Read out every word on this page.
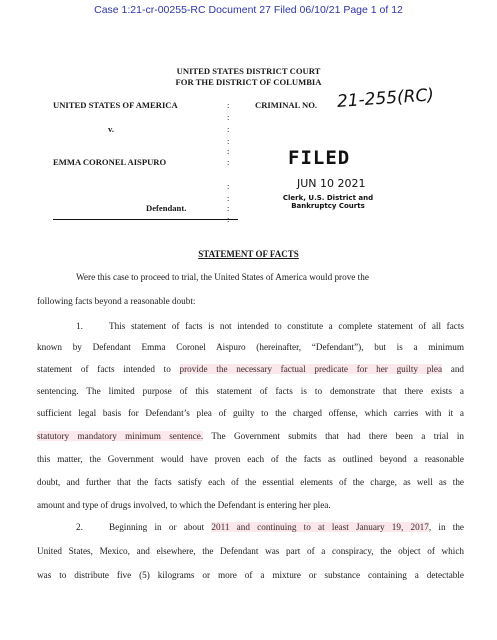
Case 1:21-cr-00255-RC Document 27 Filed 06/10/21 Page 1 of 12
UNITED STATES DISTRICT COURT
FOR THE DISTRICT OF COLUMBIA
UNITED STATES OF AMERICA
v.
EMMA CORONEL AISPURO
Defendant.
:
:
:
:
:
:
:
:
:
:
CRIMINAL NO. 21-255(RC)
FILED
JUN 10 2021
Clerk, U.S. District and
Bankruptcy Courts
STATEMENT OF FACTS
Were this case to proceed to trial, the United States of America would prove the
following facts beyond a reasonable doubt:
1.	This statement of facts is not intended to constitute a complete statement of all facts
known by Defendant Emma Coronel Aispuro (hereinafter, “Defendant”), but is a minimum
statement of facts intended to provide the necessary factual predicate for her guilty plea and
sentencing. The limited purpose of this statement of facts is to demonstrate that there exists a
sufficient legal basis for Defendant’s plea of guilty to the charged offense, which carries with it a
statutory mandatory minimum sentence. The Government submits that had there been a trial in
this matter, the Government would have proven each of the facts as outlined beyond a reasonable
doubt, and further that the facts satisfy each of the essential elements of the charge, as well as the
amount and type of drugs involved, to which the Defendant is entering her plea.
2.	Beginning in or about 2011 and continuing to at least January 19, 2017, in the
United States, Mexico, and elsewhere, the Defendant was part of a conspiracy, the object of which
was to distribute five (5) kilograms or more of a mixture or substance containing a detectable
